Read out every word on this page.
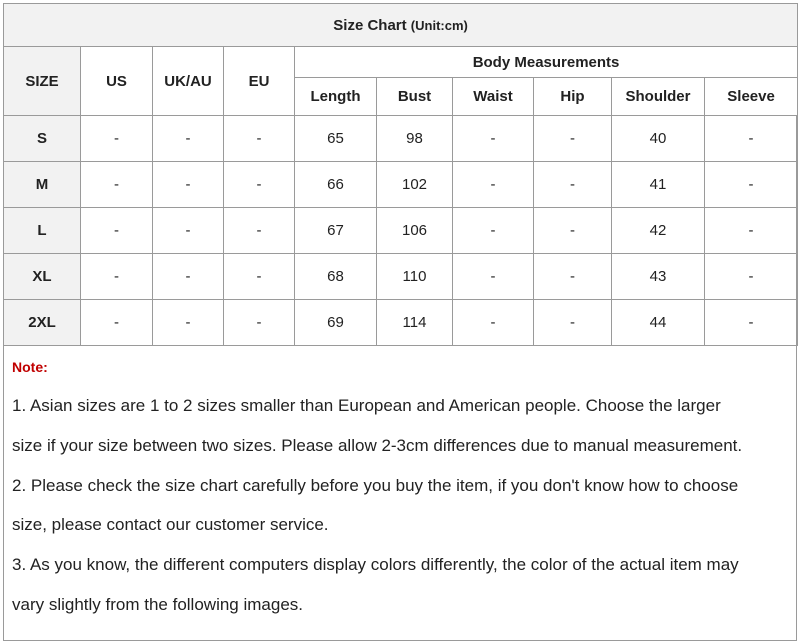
Size Chart (Unit:cm)									
SIZE	US	UK/AU	EU	Body Measurements					
				Length	Bust	Waist	Hip	Shoulder	Sleeve
S	-	-	-	65	98	-	-	40	-
M	-	-	-	66	102	-	-	41	-
L	-	-	-	67	106	-	-	42	-
XL	-	-	-	68	110	-	-	43	-
2XL	-	-	-	69	114	-	-	44	-
Note:
1. Asian sizes are 1 to 2 sizes smaller than European and American people. Choose the larger
size if your size between two sizes. Please allow 2-3cm differences due to manual measurement.
2. Please check the size chart carefully before you buy the item, if you don't know how to choose
size, please contact our customer service.
3. As you know, the different computers display colors differently, the color of the actual item may
vary slightly from the following images.
